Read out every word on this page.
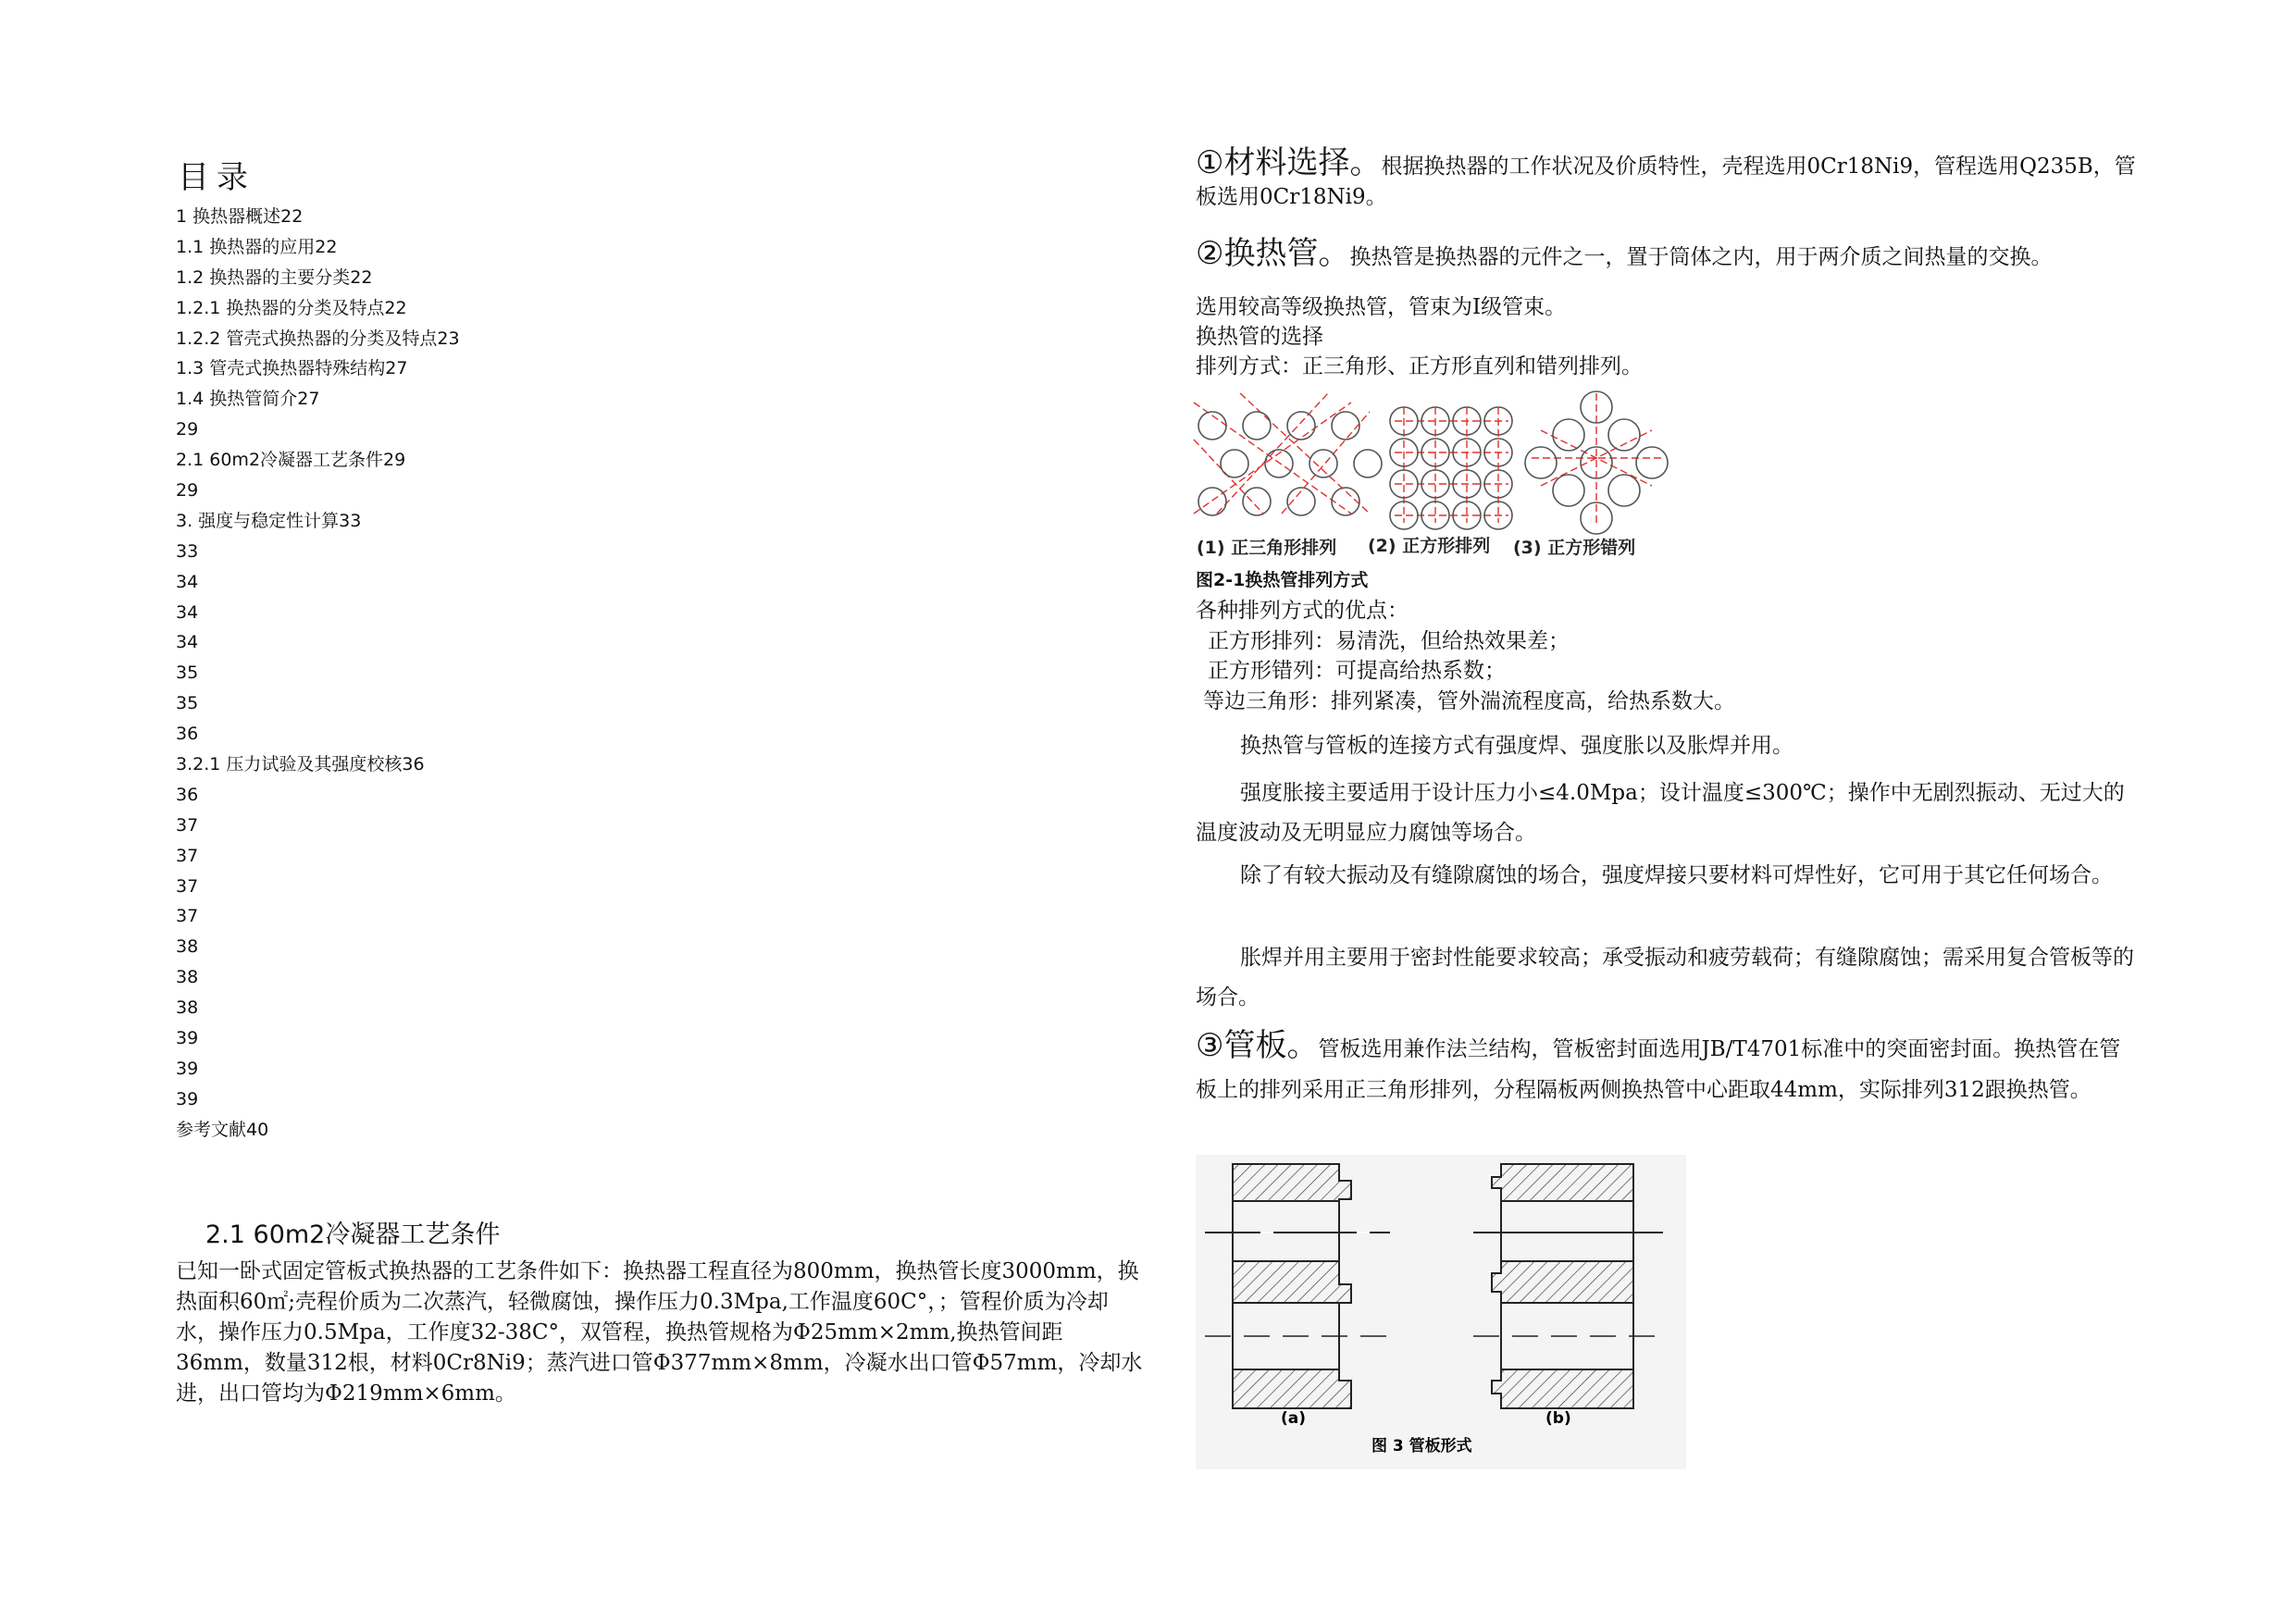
目录
1 换热器概述22
1.1 换热器的应用22
1.2 换热器的主要分类22
1.2.1 换热器的分类及特点22
1.2.2 管壳式换热器的分类及特点23
1.3 管壳式换热器特殊结构27
1.4 换热管简介27
29
2.1 60m2冷凝器工艺条件29
29
3. 强度与稳定性计算33
33
34
34
34
35
35
36
3.2.1 压力试验及其强度校核36
36
37
37
37
37
38
38
38
39
39
39
参考文献40
2.1 60m2冷凝器工艺条件
已知一卧式固定管板式换热器的工艺条件如下：换热器工程直径为800mm，换热管长度3000mm，换热面积60㎡;壳程价质为二次蒸汽，轻微腐蚀，操作压力0.3Mpa,工作温度60C°，；管程价质为冷却水，操作压力0.5Mpa，工作度32-38C°，双管程，换热管规格为Φ25mm×2mm,换热管间距36mm，数量312根，材料0Cr8Ni9；蒸汽进口管Φ377mm×8mm，冷凝水出口管Φ57mm，冷却水进，出口管均为Φ219mm×6mm。
①材料选择。根据换热器的工作状况及价质特性，壳程选用0Cr18Ni9，管程选用Q235B，管板选用0Cr18Ni9。
②换热管。换热管是换热器的元件之一，置于筒体之内，用于两介质之间热量的交换。
选用较高等级换热管，管束为Ⅰ级管束。
换热管的选择
排列方式：正三角形、正方形直列和错列排列。
(1) 正三角形排列 (2) 正方形排列 (3) 正方形错列
图2-1换热管排列方式
各种排列方式的优点：
正方形排列：易清洗，但给热效果差；
正方形错列：可提高给热系数；
等边三角形：排列紧凑，管外湍流程度高，给热系数大。
换热管与管板的连接方式有强度焊、强度胀以及胀焊并用。
强度胀接主要适用于设计压力小≤4.0Mpa；设计温度≤300℃；操作中无剧烈振动、无过大的温度波动及无明显应力腐蚀等场合。
除了有较大振动及有缝隙腐蚀的场合，强度焊接只要材料可焊性好，它可用于其它任何场合。
胀焊并用主要用于密封性能要求较高；承受振动和疲劳载荷；有缝隙腐蚀；需采用复合管板等的场合。
③管板。管板选用兼作法兰结构，管板密封面选用JB/T4701标准中的突面密封面。换热管在管板上的排列采用正三角形排列，分程隔板两侧换热管中心距取44mm，实际排列312跟换热管。
(a)	(b)
图 3 管板形式
